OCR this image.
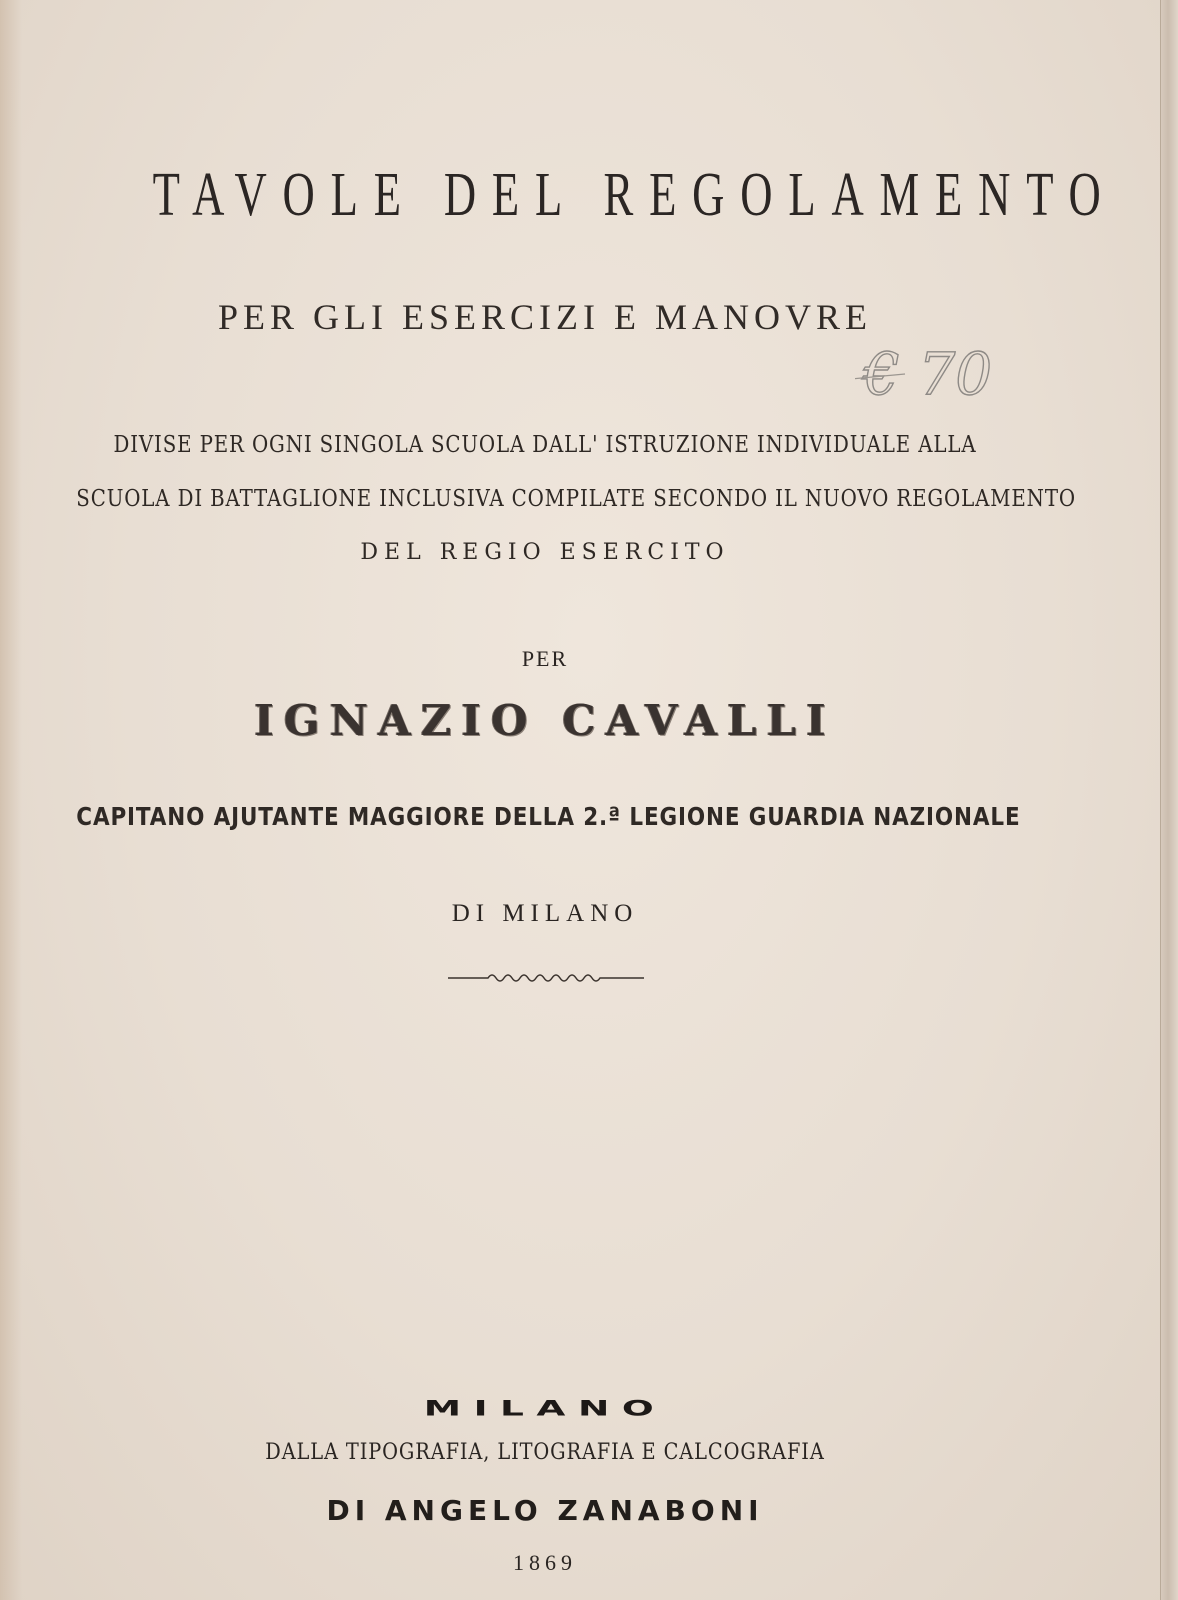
TAVOLE DEL REGOLAMENTO
PER GLI ESERCIZI E MANOVRE
DIVISE PER OGNI SINGOLA SCUOLA DALL' ISTRUZIONE INDIVIDUALE ALLA
SCUOLA DI BATTAGLIONE INCLUSIVA COMPILATE SECONDO IL NUOVO REGOLAMENTO
DEL REGIO ESERCITO
PER
IGNAZIO CAVALLI
CAPITANO AJUTANTE MAGGIORE DELLA 2.ª LEGIONE GUARDIA NAZIONALE
DI MILANO
MILANO
DALLA TIPOGRAFIA, LITOGRAFIA E CALCOGRAFIA
DI ANGELO ZANABONI
1869
€ 70
